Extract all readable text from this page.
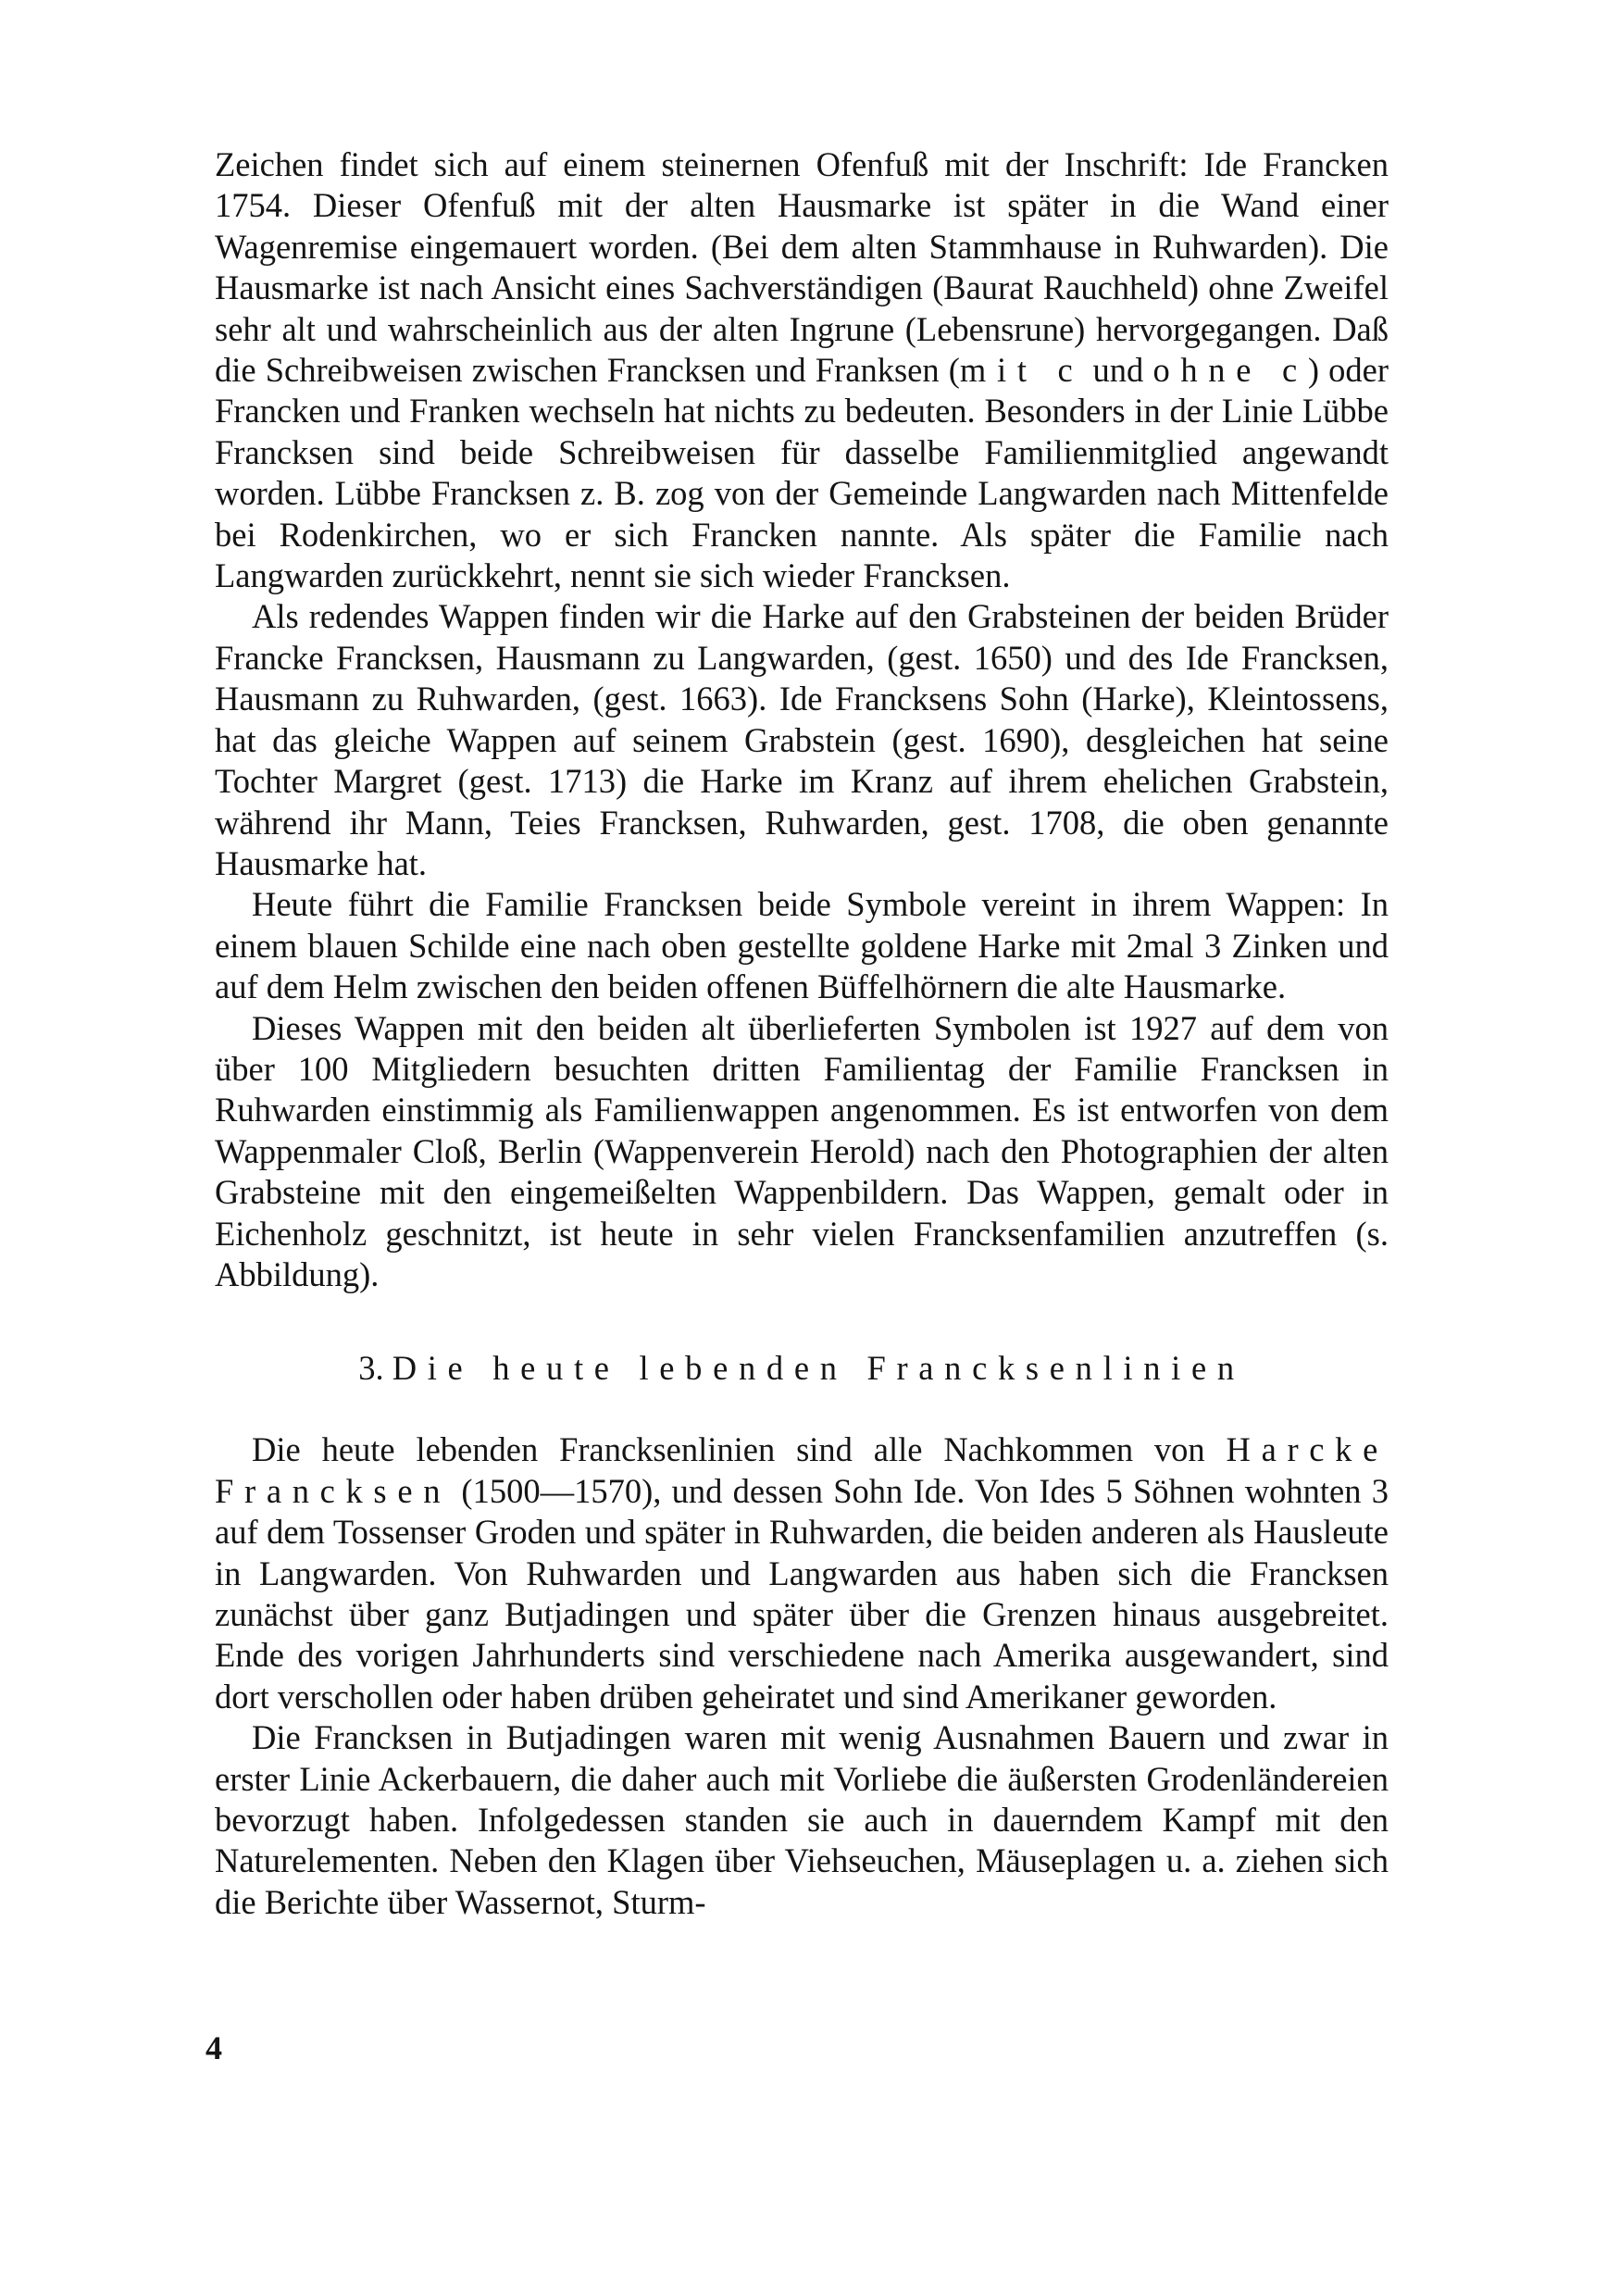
Zeichen findet sich auf einem steinernen Ofenfuß mit der Inschrift: Ide Francken 1754. Dieser Ofenfuß mit der alten Hausmarke ist später in die Wand einer Wagenremise eingemauert worden. (Bei dem alten Stammhause in Ruhwarden). Die Hausmarke ist nach Ansicht eines Sachverständigen (Baurat Rauchheld) ohne Zweifel sehr alt und wahrscheinlich aus der alten Ingrune (Lebensrune) hervorgegangen. Daß die Schreibweisen zwischen Francksen und Franksen (mit c und ohne c) oder Francken und Franken wechseln hat nichts zu bedeuten. Besonders in der Linie Lübbe Francksen sind beide Schreibweisen für dasselbe Familienmitglied angewandt worden. Lübbe Francksen z. B. zog von der Gemeinde Langwarden nach Mittenfelde bei Rodenkirchen, wo er sich Francken nannte. Als später die Familie nach Langwarden zurückkehrt, nennt sie sich wieder Francksen.

Als redendes Wappen finden wir die Harke auf den Grabsteinen der beiden Brüder Francke Francksen, Hausmann zu Langwarden, (gest. 1650) und des Ide Francksen, Hausmann zu Ruhwarden, (gest. 1663). Ide Francksens Sohn (Harke), Kleintossens, hat das gleiche Wappen auf seinem Grabstein (gest. 1690), desgleichen hat seine Tochter Margret (gest. 1713) die Harke im Kranz auf ihrem ehelichen Grabstein, während ihr Mann, Teies Francksen, Ruhwarden, gest. 1708, die oben genannte Hausmarke hat.

Heute führt die Familie Francksen beide Symbole vereint in ihrem Wappen: In einem blauen Schilde eine nach oben gestellte goldene Harke mit 2mal 3 Zinken und auf dem Helm zwischen den beiden offenen Büffelhörnern die alte Hausmarke.

Dieses Wappen mit den beiden alt überlieferten Symbolen ist 1927 auf dem von über 100 Mitgliedern besuchten dritten Familientag der Familie Francksen in Ruhwarden einstimmig als Familienwappen angenommen. Es ist entworfen von dem Wappenmaler Cloß, Berlin (Wappenverein Herold) nach den Photographien der alten Grabsteine mit den eingemeißelten Wappenbildern. Das Wappen, gemalt oder in Eichenholz geschnitzt, ist heute in sehr vielen Francksenfamilien anzutreffen (s. Abbildung).

3. Die heute lebenden Francksenlinien

Die heute lebenden Francksenlinien sind alle Nachkommen von Harcke Francksen (1500—1570), und dessen Sohn Ide. Von Ides 5 Söhnen wohnten 3 auf dem Tossenser Groden und später in Ruhwarden, die beiden anderen als Hausleute in Langwarden. Von Ruhwarden und Langwarden aus haben sich die Francksen zunächst über ganz Butjadingen und später über die Grenzen hinaus ausgebreitet. Ende des vorigen Jahrhunderts sind verschiedene nach Amerika ausgewandert, sind dort verschollen oder haben drüben geheiratet und sind Amerikaner geworden.

Die Francksen in Butjadingen waren mit wenig Ausnahmen Bauern und zwar in erster Linie Ackerbauern, die daher auch mit Vorliebe die äußersten Grodenländereien bevorzugt haben. Infolgedessen standen sie auch in dauerndem Kampf mit den Naturelementen. Neben den Klagen über Viehseuchen, Mäuseplagen u. a. ziehen sich die Berichte über Wassernot, Sturm-

4
